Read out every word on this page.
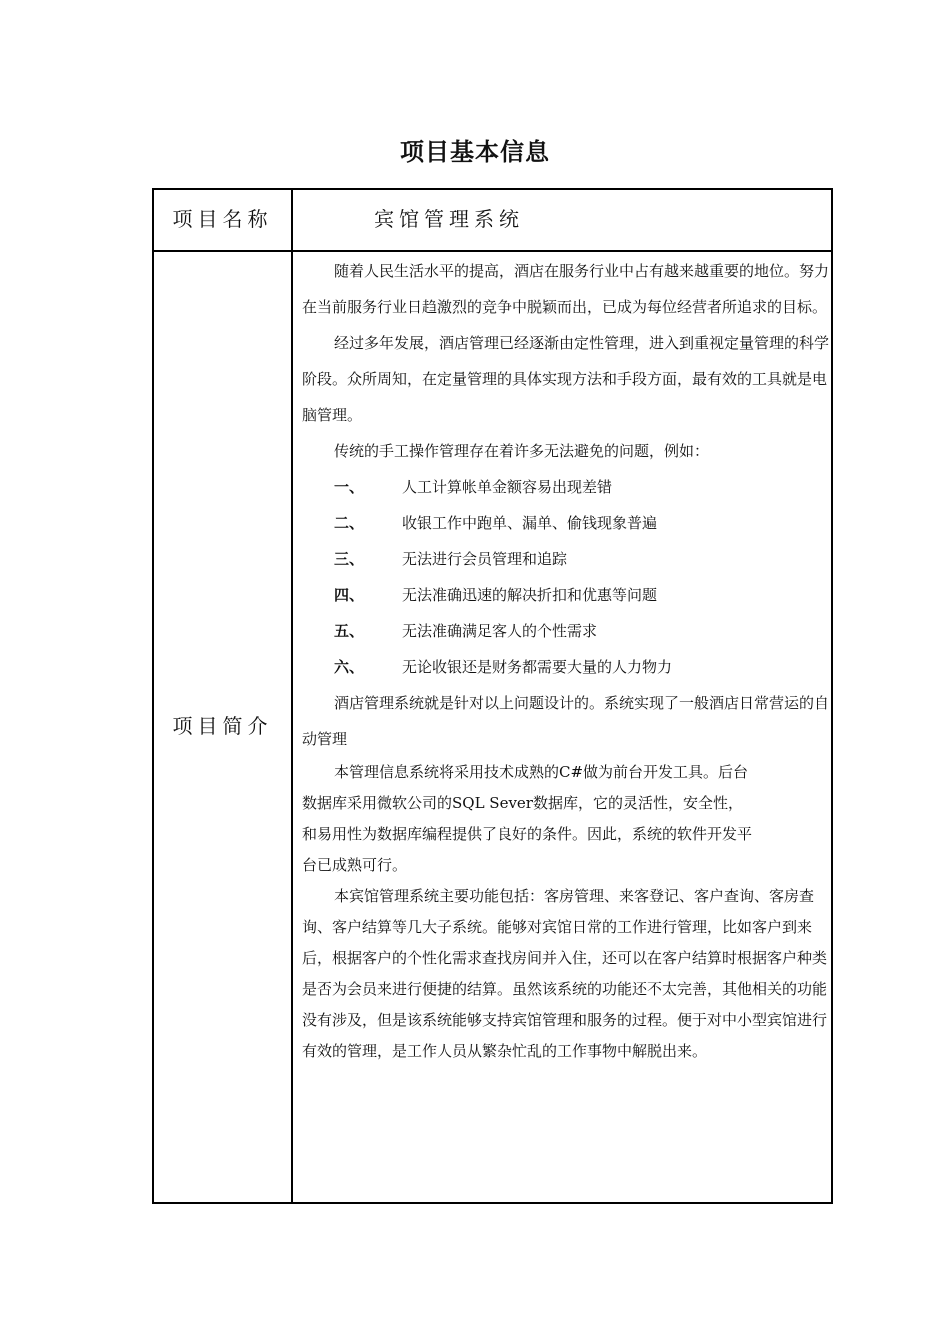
项目基本信息
项目名称	宾馆管理系统
项目简介

随着人民生活水平的提高，酒店在服务行业中占有越来越重要的地位。努力在当前服务行业日趋激烈的竞争中脱颖而出，已成为每位经营者所追求的目标。

经过多年发展，酒店管理已经逐渐由定性管理，进入到重视定量管理的科学阶段。众所周知，在定量管理的具体实现方法和手段方面，最有效的工具就是电脑管理。

传统的手工操作管理存在着许多无法避免的问题，例如：

一、	人工计算帐单金额容易出现差错
二、	收银工作中跑单、漏单、偷钱现象普遍
三、	无法进行会员管理和追踪
四、	无法准确迅速的解决折扣和优惠等问题
五、	无法准确满足客人的个性需求
六、	无论收银还是财务都需要大量的人力物力

酒店管理系统就是针对以上问题设计的。系统实现了一般酒店日常营运的自动管理

本管理信息系统将采用技术成熟的C#做为前台开发工具。后台数据库采用微软公司的SQL Sever数据库，它的灵活性，安全性，和易用性为数据库编程提供了良好的条件。因此，系统的软件开发平台已成熟可行。

本宾馆管理系统主要功能包括：客房管理、来客登记、客户查询、客房查询、客户结算等几大子系统。能够对宾馆日常的工作进行管理，比如客户到来后，根据客户的个性化需求查找房间并入住，还可以在客户结算时根据客户种类是否为会员来进行便捷的结算。虽然该系统的功能还不太完善，其他相关的功能没有涉及，但是该系统能够支持宾馆管理和服务的过程。便于对中小型宾馆进行有效的管理，是工作人员从繁杂忙乱的工作事物中解脱出来。
